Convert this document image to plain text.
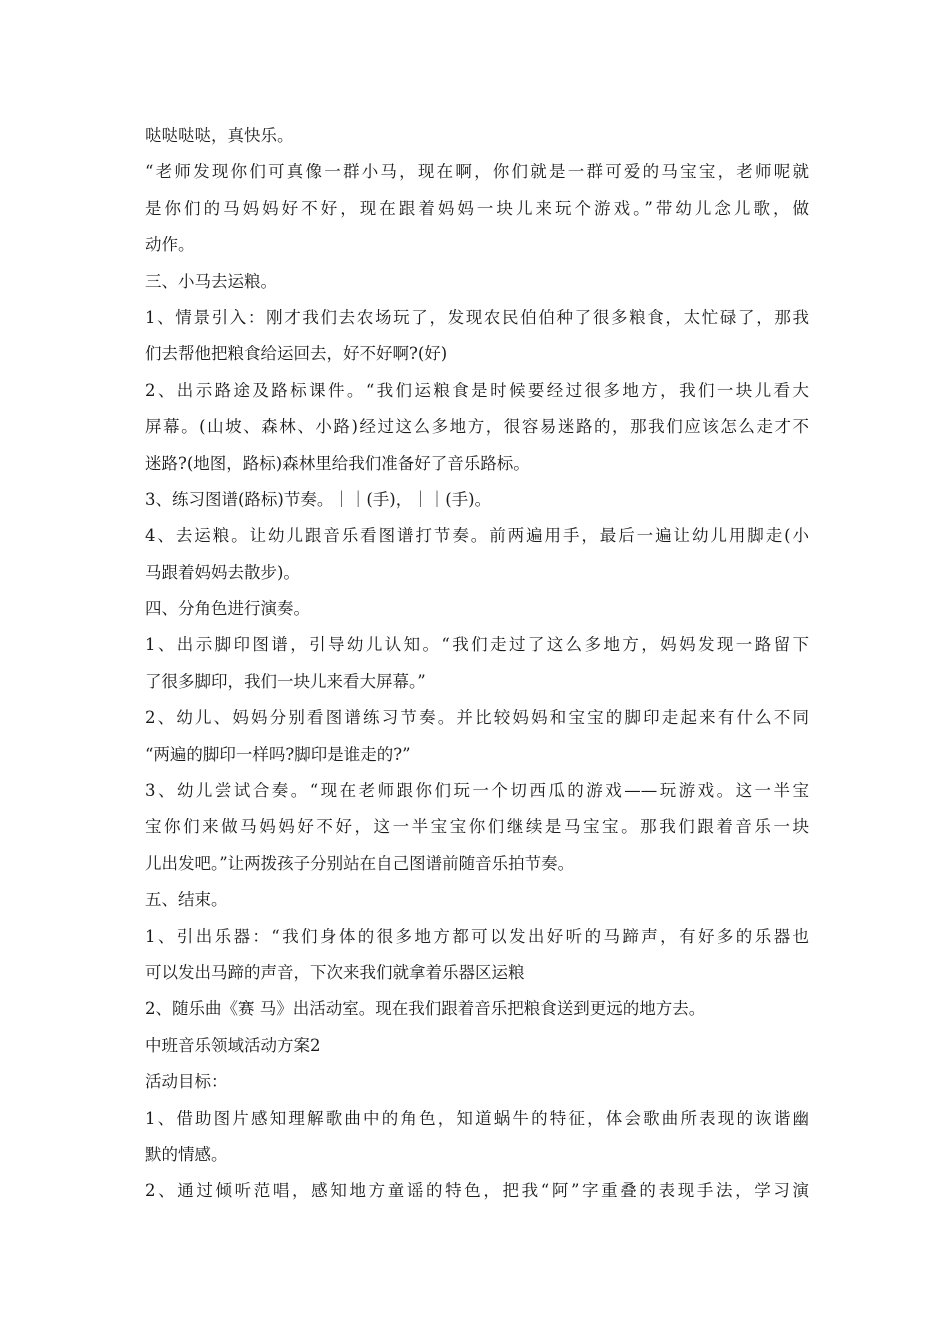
哒哒哒哒，真快乐。
“老师发现你们可真像一群小马，现在啊，你们就是一群可爱的马宝宝，老师呢就
是你们的马妈妈好不好，现在跟着妈妈一块儿来玩个游戏。”带幼儿念儿歌，做
动作。
三、小马去运粮。
1、情景引入：刚才我们去农场玩了，发现农民伯伯种了很多粮食，太忙碌了，那我
们去帮他把粮食给运回去，好不好啊?(好)
2、出示路途及路标课件。“我们运粮食是时候要经过很多地方，我们一块儿看大
屏幕。(山坡、森林、小路)经过这么多地方，很容易迷路的，那我们应该怎么走才不
迷路?(地图，路标)森林里给我们准备好了音乐路标。
3、练习图谱(路标)节奏。｜｜(手)，｜｜(手)。
4、去运粮。让幼儿跟音乐看图谱打节奏。前两遍用手，最后一遍让幼儿用脚走(小
马跟着妈妈去散步)。
四、分角色进行演奏。
1、出示脚印图谱，引导幼儿认知。“我们走过了这么多地方，妈妈发现一路留下
了很多脚印，我们一块儿来看大屏幕。”
2、幼儿、妈妈分别看图谱练习节奏。并比较妈妈和宝宝的脚印走起来有什么不同
“两遍的脚印一样吗?脚印是谁走的?”
3、幼儿尝试合奏。“现在老师跟你们玩一个切西瓜的游戏——玩游戏。这一半宝
宝你们来做马妈妈好不好，这一半宝宝你们继续是马宝宝。那我们跟着音乐一块
儿出发吧。”让两拨孩子分别站在自己图谱前随音乐拍节奏。
五、结束。
1、引出乐器：“我们身体的很多地方都可以发出好听的马蹄声，有好多的乐器也
可以发出马蹄的声音，下次来我们就拿着乐器区运粮
2、随乐曲《赛 马》出活动室。现在我们跟着音乐把粮食送到更远的地方去。
中班音乐领域活动方案2
活动目标：
1、借助图片感知理解歌曲中的角色，知道蜗牛的特征，体会歌曲所表现的诙谐幽
默的情感。
2、通过倾听范唱，感知地方童谣的特色，把我“阿”字重叠的表现手法，学习演
